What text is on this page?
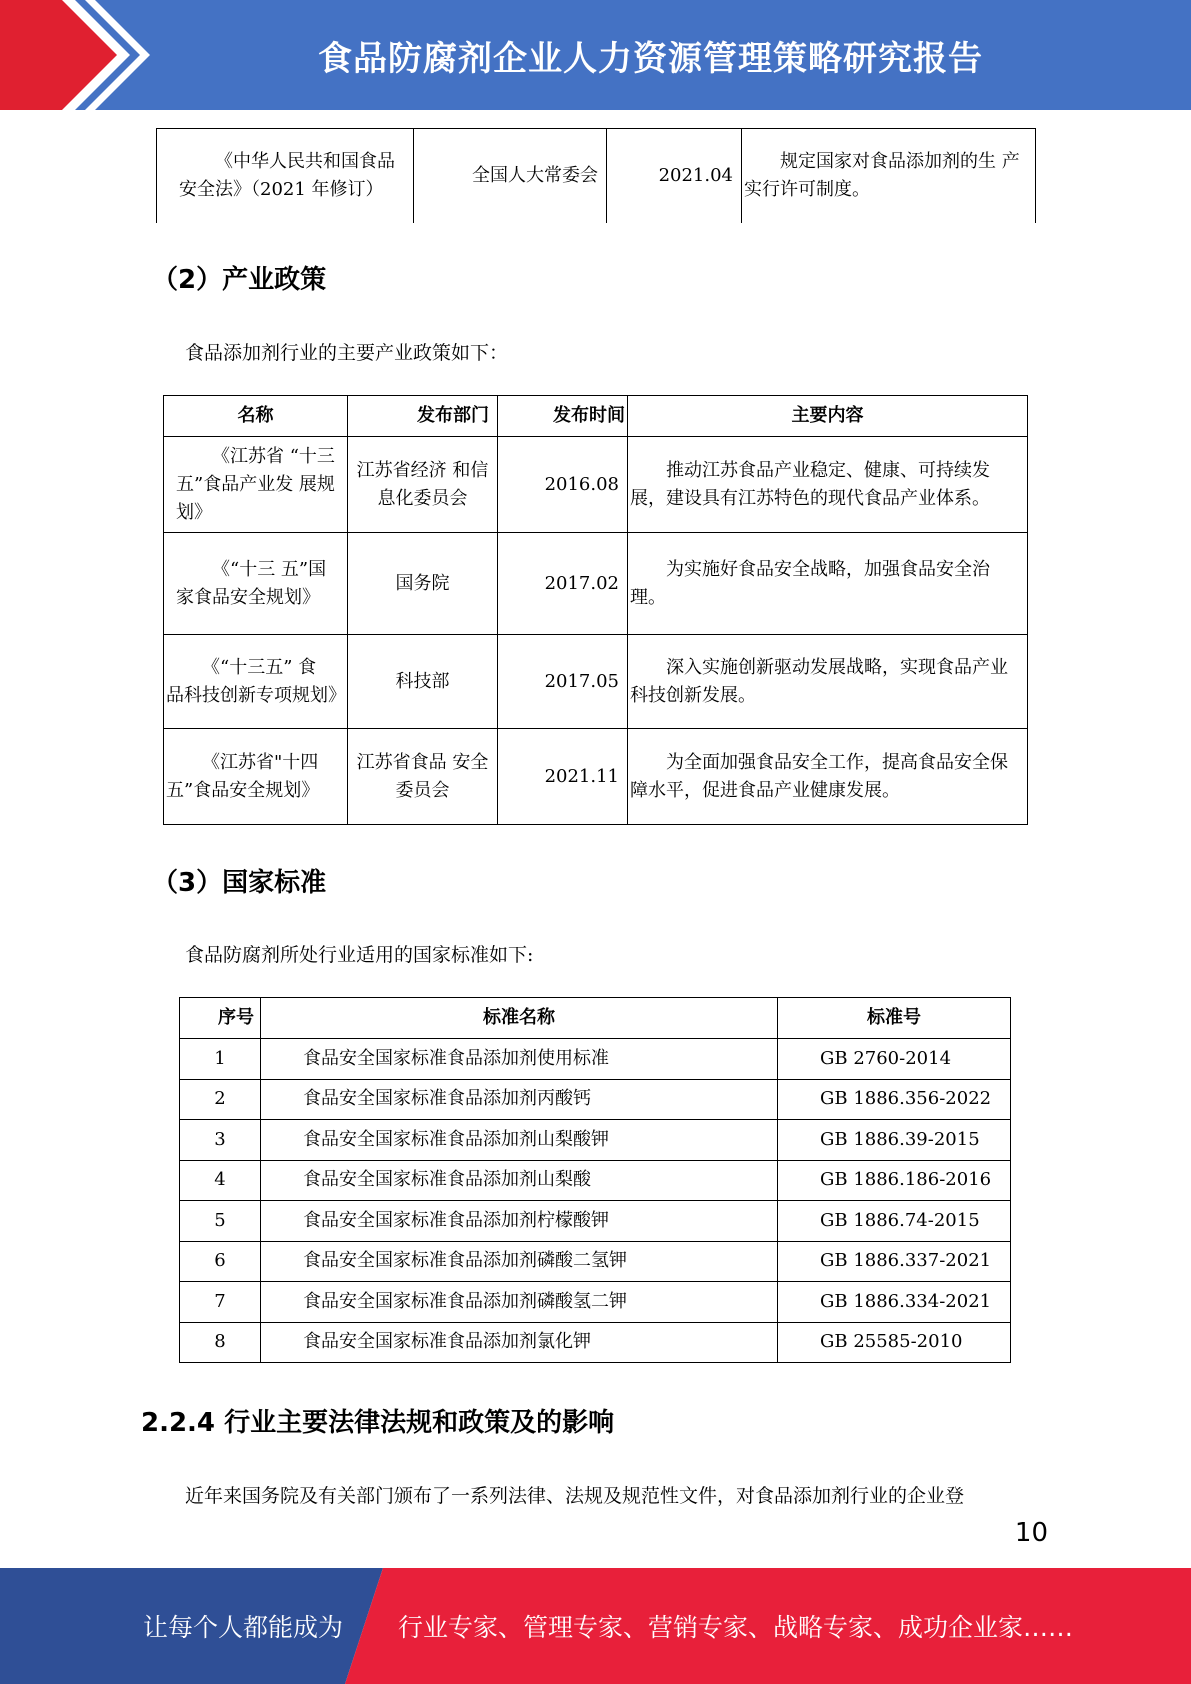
食品防腐剂企业人力资源管理策略研究报告
《中华人民共和国食品 安全法》（2021 年修订）	全国人大常委会	2021.04	规定国家对食品添加剂的生 产实行许可制度。
（2）产业政策
食品添加剂行业的主要产业政策如下：
名称	发布部门	发布时间	主要内容
《江苏省 “十三 五”食品产业发 展规划》	江苏省经济 和信息化委员会	2016.08	推动江苏食品产业稳定、健康、可持续发展，建设具有江苏特色的现代食品产业体系。
《“十三 五”国 家食品安全规划》	国务院	2017.02	为实施好食品安全战略，加强食品安全治理。
《“十三五” 食 品科技创新专项规划》	科技部	2017.05	深入实施创新驱动发展战略，实现食品产业科技创新发展。
《江苏省"十四五”食品安全规划》	江苏省食品 安全委员会	2021.11	为全面加强食品安全工作，提高食品安全保障水平，促进食品产业健康发展。
（3）国家标准
食品防腐剂所处行业适用的国家标准如下:
序号	标准名称	标准号
1	食品安全国家标准食品添加剂使用标准	GB 2760-2014
2	食品安全国家标准食品添加剂丙酸钙	GB 1886.356-2022
3	食品安全国家标准食品添加剂山梨酸钾	GB 1886.39-2015
4	食品安全国家标准食品添加剂山梨酸	GB 1886.186-2016
5	食品安全国家标准食品添加剂柠檬酸钾	GB 1886.74-2015
6	食品安全国家标准食品添加剂磷酸二氢钾	GB 1886.337-2021
7	食品安全国家标准食品添加剂磷酸氢二钾	GB 1886.334-2021
8	食品安全国家标准食品添加剂氯化钾	GB 25585-2010
2.2.4 行业主要法律法规和政策及的影响
近年来国务院及有关部门颁布了一系列法律、法规及规范性文件，对食品添加剂行业的企业登
10
让每个人都能成为 行业专家、管理专家、营销专家、战略专家、成功企业家……
